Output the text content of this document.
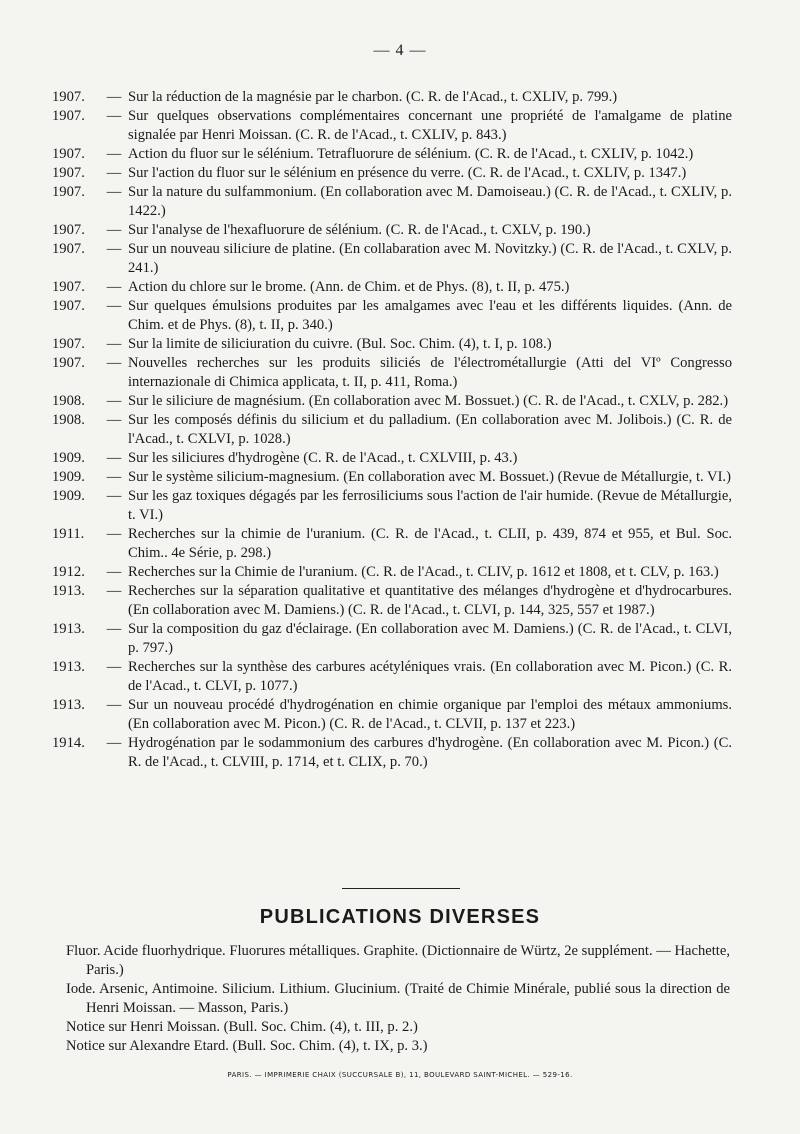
— 4 —
1907.	— Sur la réduction de la magnésie par le charbon. (C. R. de l'Acad., t. CXLIV, p. 799.)
1907.	— Sur quelques observations complémentaires concernant une propriété de l'amalgame de platine signalée par Henri Moissan. (C. R. de l'Acad., t. CXLIV, p. 843.)
1907.	— Action du fluor sur le sélénium. Tetrafluorure de sélénium. (C. R. de l'Acad., t. CXLIV, p. 1042.)
1907.	— Sur l'action du fluor sur le sélénium en présence du verre. (C. R. de l'Acad., t. CXLIV, p. 1347.)
1907.	— Sur la nature du sulfammonium. (En collaboration avec M. Damoiseau.) (C. R. de l'Acad., t. CXLIV, p. 1422.)
1907.	— Sur l'analyse de l'hexafluorure de sélénium. (C. R. de l'Acad., t. CXLV, p. 190.)
1907.	— Sur un nouveau siliciure de platine. (En collabaration avec M. Novitzky.) (C. R. de l'Acad., t. CXLV, p. 241.)
1907.	— Action du chlore sur le brome. (Ann. de Chim. et de Phys. (8), t. II, p. 475.)
1907.	— Sur quelques émulsions produites par les amalgames avec l'eau et les différents liquides. (Ann. de Chim. et de Phys. (8), t. II, p. 340.)
1907.	— Sur la limite de siliciuration du cuivre. (Bul. Soc. Chim. (4), t. I, p. 108.)
1907.	— Nouvelles recherches sur les produits siliciés de l'électrométallurgie (Atti del VIº Congresso internazionale di Chimica applicata, t. II, p. 411, Roma.)
1908.	— Sur le siliciure de magnésium. (En collaboration avec M. Bossuet.) (C. R. de l'Acad., t. CXLV, p. 282.)
1908.	— Sur les composés définis du silicium et du palladium. (En collaboration avec M. Jolibois.) (C. R. de l'Acad., t. CXLVI, p. 1028.)
1909.	— Sur les siliciures d'hydrogène (C. R. de l'Acad., t. CXLVIII, p. 43.)
1909.	— Sur le système silicium-magnesium. (En collaboration avec M. Bossuet.) (Revue de Métallurgie, t. VI.)
1909.	— Sur les gaz toxiques dégagés par les ferrosiliciums sous l'action de l'air humide. (Revue de Métallurgie, t. VI.)
1911.	— Recherches sur la chimie de l'uranium. (C. R. de l'Acad., t. CLII, p. 439, 874 et 955, et Bul. Soc. Chim.. 4e Série, p. 298.)
1912.	— Recherches sur la Chimie de l'uranium. (C. R. de l'Acad., t. CLIV, p. 1612 et 1808, et t. CLV, p. 163.)
1913.	— Recherches sur la séparation qualitative et quantitative des mélanges d'hydrogène et d'hydrocarbures. (En collaboration avec M. Damiens.) (C. R. de l'Acad., t. CLVI, p. 144, 325, 557 et 1987.)
1913.	— Sur la composition du gaz d'éclairage. (En collaboration avec M. Damiens.) (C. R. de l'Acad., t. CLVI, p. 797.)
1913.	— Recherches sur la synthèse des carbures acétyléniques vrais. (En collaboration avec M. Picon.) (C. R. de l'Acad., t. CLVI, p. 1077.)
1913.	— Sur un nouveau procédé d'hydrogénation en chimie organique par l'emploi des métaux ammoniums. (En collaboration avec M. Picon.) (C. R. de l'Acad., t. CLVII, p. 137 et 223.)
1914.	— Hydrogénation par le sodammonium des carbures d'hydrogène. (En collaboration avec M. Picon.) (C. R. de l'Acad., t. CLVIII, p. 1714, et t. CLIX, p. 70.)
PUBLICATIONS DIVERSES

Fluor. Acide fluorhydrique. Fluorures métalliques. Graphite. (Dictionnaire de Würtz, 2e supplément. — Hachette, Paris.)

Iode. Arsenic, Antimoine. Silicium. Lithium. Glucinium. (Traité de Chimie Minérale, publié sous la direction de Henri Moissan. — Masson, Paris.)

Notice sur Henri Moissan. (Bull. Soc. Chim. (4), t. III, p. 2.)

Notice sur Alexandre Etard. (Bull. Soc. Chim. (4), t. IX, p. 3.)

PARIS. — IMPRIMERIE CHAIX (SUCCURSALE B), 11, BOULEVARD SAINT-MICHEL. — 529-16.
